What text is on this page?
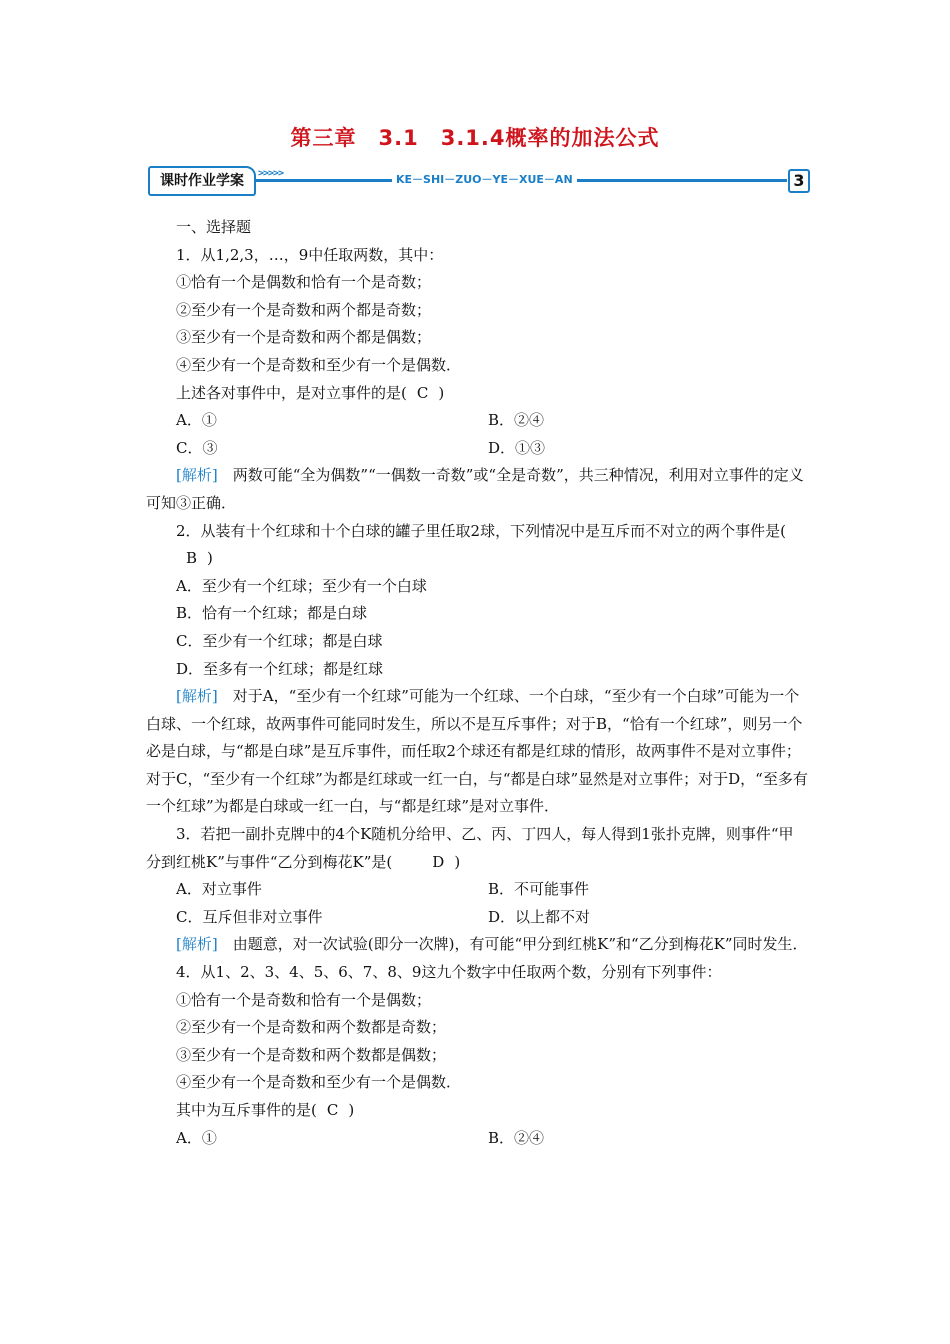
第三章　3.1　3.1.4概率的加法公式
课时作业学案	>>>>>	KE－SHI－ZUO－YE－XUE－AN	3

一、选择题

1．从1,2,3，…，9中任取两数，其中：

①恰有一个是偶数和恰有一个是奇数；

②至少有一个是奇数和两个都是奇数；

③至少有一个是奇数和两个都是偶数；

④至少有一个是奇数和至少有一个是偶数．

上述各对事件中，是对立事件的是( C )

A．①	B．②④
C．③	D．①③

[解析]　 两数可能“全为偶数”“一偶数一奇数”或“全是奇数”，共三种情况，利用对立事件的定义可知③正确．

2．从装有十个红球和十个白球的罐子里任取2球，下列情况中是互斥而不对立的两个事件是(B )

A．至少有一个红球；至少有一个白球

B．恰有一个红球；都是白球

C．至少有一个红球；都是白球

D．至多有一个红球；都是红球

[解析]　 对于A，“至少有一个红球”可能为一个红球、一个白球，“至少有一个白球”可能为一个白球、一个红球，故两事件可能同时发生，所以不是互斥事件；对于B，“恰有一个红球”，则另一个必是白球，与“都是白球”是互斥事件，而任取2个球还有都是红球的情形，故两事件不是对立事件；对于C，“至少有一个红球”为都是红球或一红一白，与“都是白球”显然是对立事件；对于D，“至多有一个红球”为都是白球或一红一白，与“都是红球”是对立事件．

3．若把一副扑克牌中的4个K随机分给甲、乙、丙、丁四人，每人得到1张扑克牌，则事件“甲分到红桃K”与事件“乙分到梅花K”是(	D )

A．对立事件	B．不可能事件
C．互斥但非对立事件	D．以上都不对

[解析]　 由题意，对一次试验(即分一次牌)，有可能“甲分到红桃K”和“乙分到梅花K”同时发生．

4．从1、2、3、4、5、6、7、8、9这九个数字中任取两个数，分别有下列事件：

①恰有一个是奇数和恰有一个是偶数；

②至少有一个是奇数和两个数都是奇数；

③至少有一个是奇数和两个数都是偶数；

④至少有一个是奇数和至少有一个是偶数．

其中为互斥事件的是( C )

A．①	B．②④
